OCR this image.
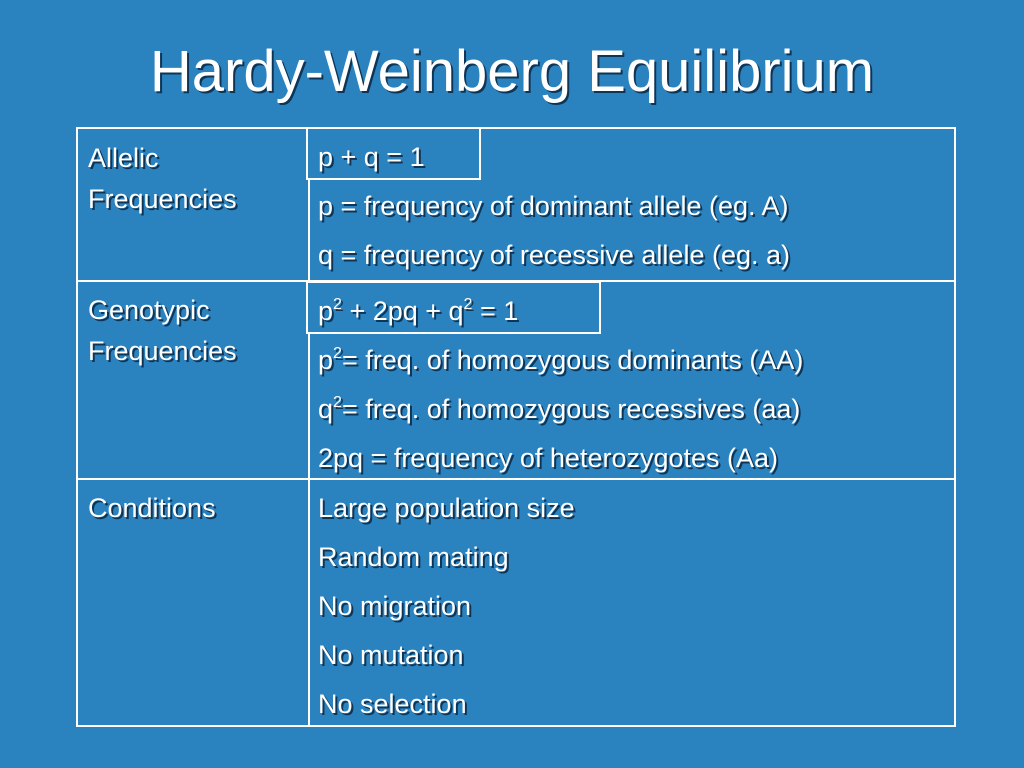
Hardy-Weinberg Equilibrium
Allelic
Frequencies
p + q = 1
p = frequency of dominant allele (eg. A)
q = frequency of recessive allele (eg. a)
Genotypic
Frequencies
$p^2 + 2pq + q^2 = 1$
$p^2=$ freq. of homozygous dominants (AA)
$q^2=$ freq. of homozygous recessives (aa)
2pq = frequency of heterozygotes (Aa)
Conditions	Large population size
Random mating
No migration
No mutation
No selection
